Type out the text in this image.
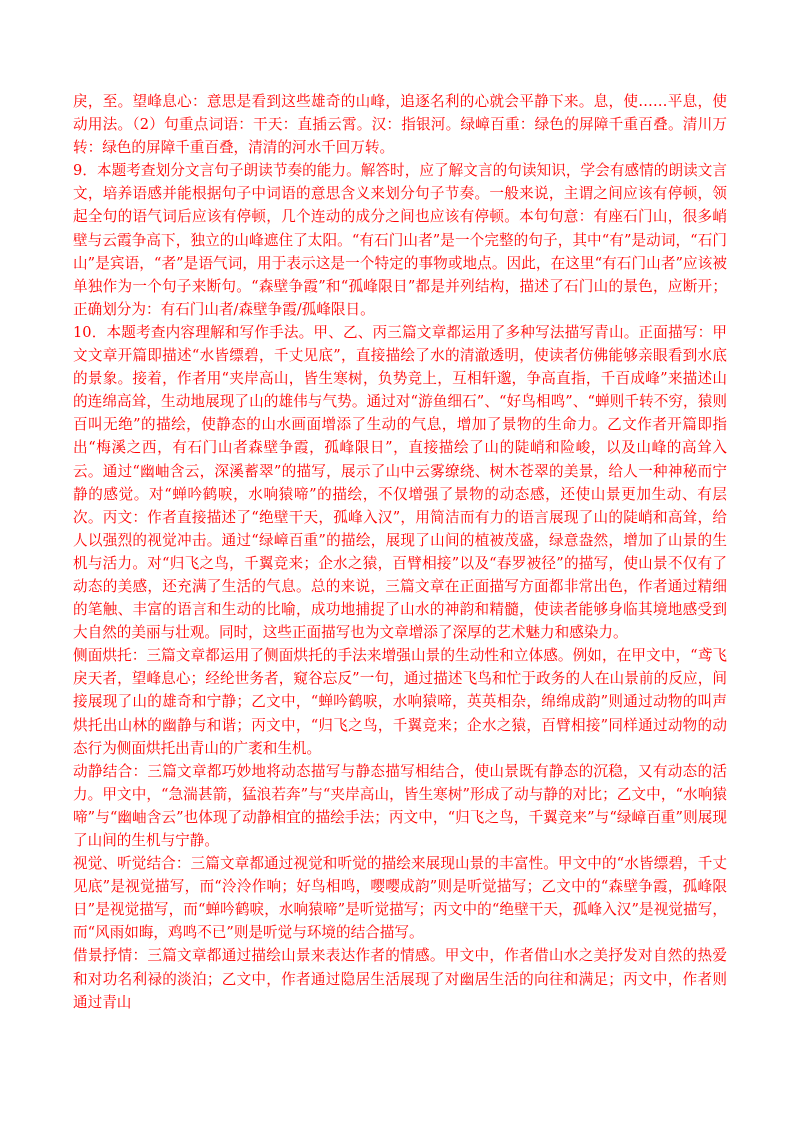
戾，至。望峰息心：意思是看到这些雄奇的山峰，追逐名利的心就会平静下来。息，使……平息，使动用法。（2）句重点词语：干天：直插云霄。汉：指银河。绿嶂百重：绿色的屏障千重百叠。清川万转：绿色的屏障千重百叠，清清的河水千回万转。

9．本题考查划分文言句子朗读节奏的能力。解答时，应了解文言的句读知识，学会有感情的朗读文言文，培养语感并能根据句子中词语的意思含义来划分句子节奏。一般来说，主谓之间应该有停顿，领起全句的语气词后应该有停顿，几个连动的成分之间也应该有停顿。本句句意：有座石门山，很多峭壁与云霞争高下，独立的山峰遮住了太阳。“有石门山者”是一个完整的句子，其中“有”是动词，“石门山”是宾语，“者”是语气词，用于表示这是一个特定的事物或地点。因此，在这里“有石门山者”应该被单独作为一个句子来断句。“森壁争霞”和“孤峰限日”都是并列结构，描述了石门山的景色，应断开；正确划分为：有石门山者/森壁争霞/孤峰限日。

10．本题考查内容理解和写作手法。甲、乙、丙三篇文章都运用了多种写法描写青山。正面描写：甲文文章开篇即描述“水皆缥碧，千丈见底”，直接描绘了水的清澈透明，使读者仿佛能够亲眼看到水底的景象。接着，作者用“夹岸高山，皆生寒树，负势竞上，互相轩邈，争高直指，千百成峰”来描述山的连绵高耸，生动地展现了山的雄伟与气势。通过对“游鱼细石”、“好鸟相鸣”、“蝉则千转不穷，猿则百叫无绝”的描绘，使静态的山水画面增添了生动的气息，增加了景物的生命力。乙文作者开篇即指出“梅溪之西，有石门山者森壁争霞，孤峰限日”，直接描绘了山的陡峭和险峻，以及山峰的高耸入云。通过“幽岫含云，深溪蓄翠”的描写，展示了山中云雾缭绕、树木苍翠的美景，给人一种神秘而宁静的感觉。对“蝉吟鹤唳，水响猿啼”的描绘，不仅增强了景物的动态感，还使山景更加生动、有层次。丙文：作者直接描述了“绝壁干天，孤峰入汉”，用简洁而有力的语言展现了山的陡峭和高耸，给人以强烈的视觉冲击。通过“绿嶂百重”的描绘，展现了山间的植被茂盛，绿意盎然，增加了山景的生机与活力。对“归飞之鸟，千翼竞来；企水之猿，百臂相接”以及“春罗被径”的描写，使山景不仅有了动态的美感，还充满了生活的气息。总的来说，三篇文章在正面描写方面都非常出色，作者通过精细的笔触、丰富的语言和生动的比喻，成功地捕捉了山水的神韵和精髓，使读者能够身临其境地感受到大自然的美丽与壮观。同时，这些正面描写也为文章增添了深厚的艺术魅力和感染力。

侧面烘托：三篇文章都运用了侧面烘托的手法来增强山景的生动性和立体感。例如，在甲文中，“鸢飞戾天者，望峰息心；经纶世务者，窥谷忘反”一句，通过描述飞鸟和忙于政务的人在山景前的反应，间接展现了山的雄奇和宁静；乙文中，“蝉吟鹤唳，水响猿啼，英英相杂，绵绵成韵”则通过动物的叫声烘托出山林的幽静与和谐；丙文中，“归飞之鸟，千翼竞来；企水之猿，百臂相接”同样通过动物的动态行为侧面烘托出青山的广袤和生机。

动静结合：三篇文章都巧妙地将动态描写与静态描写相结合，使山景既有静态的沉稳，又有动态的活力。甲文中，“急湍甚箭，猛浪若奔”与“夹岸高山，皆生寒树”形成了动与静的对比；乙文中，“水响猿啼”与“幽岫含云”也体现了动静相宜的描绘手法；丙文中，“归飞之鸟，千翼竞来”与“绿嶂百重”则展现了山间的生机与宁静。

视觉、听觉结合：三篇文章都通过视觉和听觉的描绘来展现山景的丰富性。甲文中的“水皆缥碧，千丈见底”是视觉描写，而“泠泠作响；好鸟相鸣，嘤嘤成韵”则是听觉描写；乙文中的“森壁争霞，孤峰限日”是视觉描写，而“蝉吟鹤唳，水响猿啼”是听觉描写；丙文中的“绝壁干天，孤峰入汉”是视觉描写，而“风雨如晦，鸡鸣不已”则是听觉与环境的结合描写。

借景抒情：三篇文章都通过描绘山景来表达作者的情感。甲文中，作者借山水之美抒发对自然的热爱和对功名利禄的淡泊；乙文中，作者通过隐居生活展现了对幽居生活的向往和满足；丙文中，作者则通过青山
